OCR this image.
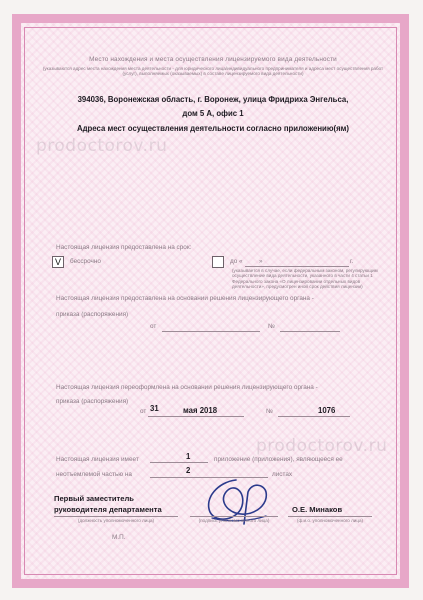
Место нахождения и места осуществления лицензируемого вида деятельности
(указываются адрес места нахождения места деятельности - для юридического лица/индивидуального предпринимателя и адреса мест осуществления работ (услуг), выполняемых (оказываемых) в составе лицензируемого вида деятельности)
394036, Воронежская область, г. Воронеж, улица Фридриха Энгельса,
дом 5 А, офис 1
Адреса мест осуществления деятельности согласно приложению(ям)
prodoctorov.ru
prodoctorov.ru
Настоящая лицензия предоставлена на срок:
V	бессрочно	до «	»	г.
(указывается в случае, если федеральным законом, регулирующим осуществление вида деятельности, указанного в части 4 статьи 1 Федерального закона «О лицензировании отдельных видов деятельности», предусмотрен иной срок действия лицензии)
Настоящая лицензия предоставлена на основании решения лицензирующего органа -
приказа (распоряжения)
от	№
Настоящая лицензия переоформлена на основании решения лицензирующего органа -
приказа (распоряжения)
от 31	мая 2018	№	1076
Настоящая лицензия имеет	1	приложение (приложения), являющееся ее
неотъемлемой частью на	2	листах
Первый заместитель
руководителя департамента
(должность уполномоченного лица)	(подпись уполномоченного лица)
О.Е. Минаков
(ф.и.о. уполномоченного лица)
М.П.
